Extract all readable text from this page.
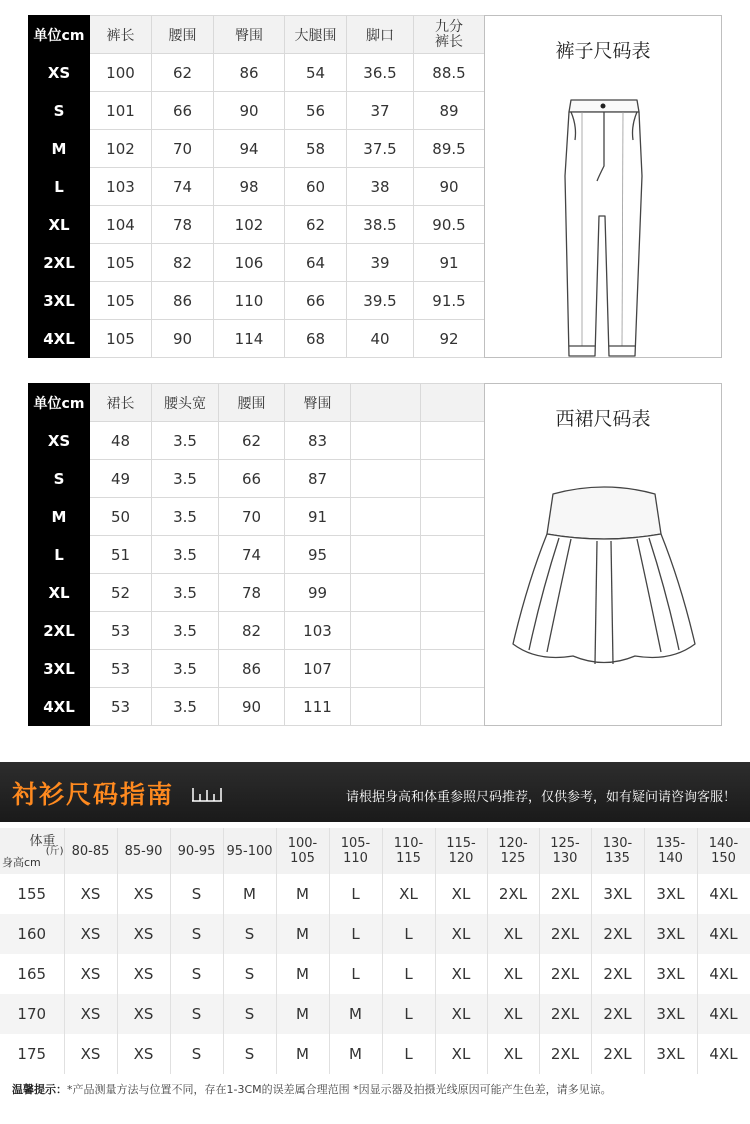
单位cm	裤长	腰围	臀围	大腿围	脚口	九分
裤长

XS	100	62	86	54	36.5	88.5
S	101	66	90	56	37	89
M	102	70	94	58	37.5	89.5
L	103	74	98	60	38	90
XL	104	78	102	62	38.5	90.5
2XL	105	82	106	64	39	91
3XL	105	86	110	66	39.5	91.5
4XL	105	90	114	68	40	92
裤子尺码表
单位cm	裙长	腰头宽	腰围	臀围		
XS	48	3.5	62	83		
S	49	3.5	66	87		
M	50	3.5	70	91		
L	51	3.5	74	95		
XL	52	3.5	78	99		
2XL	53	3.5	82	103		
3XL	53	3.5	86	107		
4XL	53	3.5	90	111		
西裙尺码表
衬衫尺码指南	请根据身高和体重参照尺码推荐，仅供参考，如有疑问请咨询客服！
体重
(斤)
身高cm	80-85	85-90	90-95	95-100	100-105	105-110	110-115	115-120	120-125	125-130	130-135	135-140	140-150
155	XS	XS	S	M	M	L	XL	XL	2XL	2XL	3XL	3XL	4XL
160	XS	XS	S	S	M	L	L	XL	XL	2XL	2XL	3XL	4XL
165	XS	XS	S	S	M	L	L	XL	XL	2XL	2XL	3XL	4XL
170	XS	XS	S	S	M	M	L	XL	XL	2XL	2XL	3XL	4XL
175	XS	XS	S	S	M	M	L	XL	XL	2XL	2XL	3XL	4XL
温馨提示：*产品测量方法与位置不同，存在1-3CM的误差属合理范围 *因显示器及拍摄光线原因可能产生色差，请多见谅。
